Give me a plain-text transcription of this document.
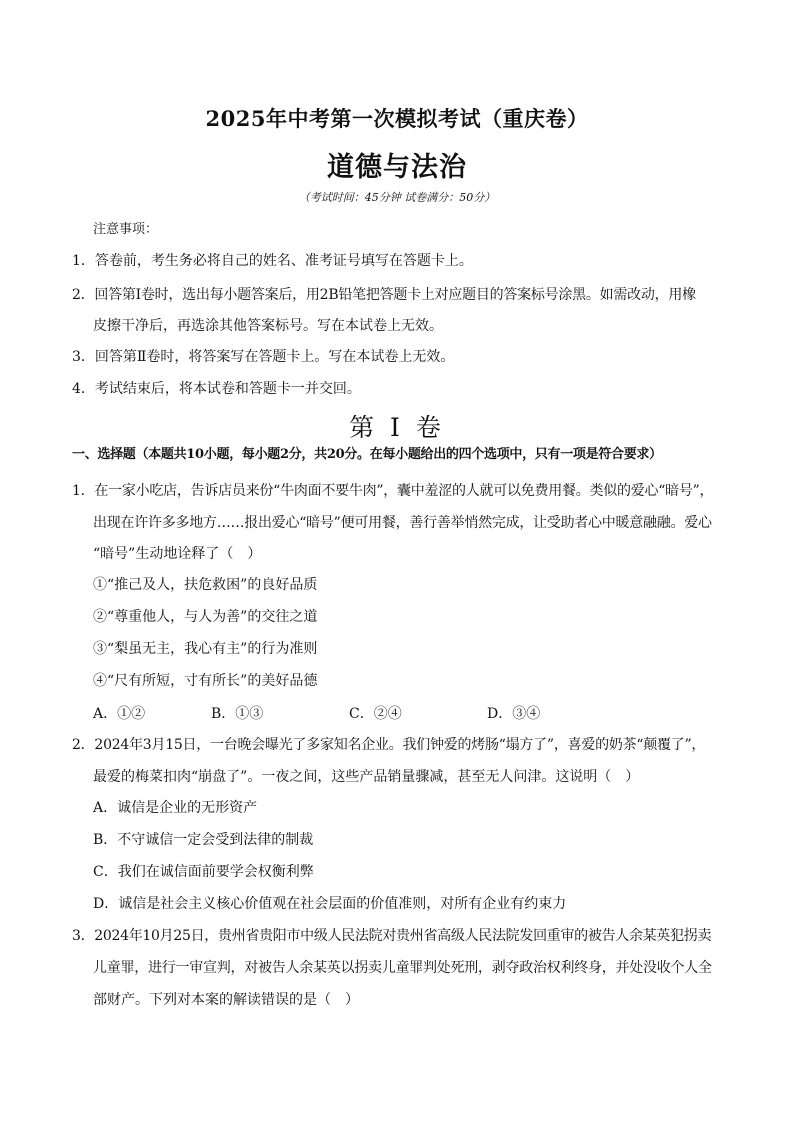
2025年中考第一次模拟考试（重庆卷）
道德与法治
（考试时间：45分钟 试卷满分：50分）
注意事项：
1．答卷前，考生务必将自己的姓名、准考证号填写在答题卡上。
2．回答第Ⅰ卷时，选出每小题答案后，用2B铅笔把答题卡上对应题目的答案标号涂黑。如需改动，用橡
皮擦干净后，再选涂其他答案标号。写在本试卷上无效。
3．回答第Ⅱ卷时，将答案写在答题卡上。写在本试卷上无效。
4．考试结束后，将本试卷和答题卡一并交回。
第 I 卷
一、选择题（本题共10小题，每小题2分，共20分。在每小题给出的四个选项中，只有一项是符合要求）
1．在一家小吃店，告诉店员来份“牛肉面不要牛肉”，囊中羞涩的人就可以免费用餐。类似的爱心“暗号”，
出现在许许多多地方……报出爱心“暗号”便可用餐，善行善举悄然完成，让受助者心中暖意融融。爱心
“暗号”生动地诠释了（　）
①“推己及人，扶危救困”的良好品质
②“尊重他人，与人为善”的交往之道
③“梨虽无主，我心有主”的行为准则
④“尺有所短，寸有所长”的美好品德
A．①②	B．①③	C．②④	D．③④
2．2024年3月15日，一台晚会曝光了多家知名企业。我们钟爱的烤肠“塌方了”，喜爱的奶茶“颠覆了”，
最爱的梅菜扣肉“崩盘了”。一夜之间，这些产品销量骤减，甚至无人问津。这说明（　）
A．诚信是企业的无形资产
B．不守诚信一定会受到法律的制裁
C．我们在诚信面前要学会权衡利弊
D．诚信是社会主义核心价值观在社会层面的价值准则，对所有企业有约束力
3．2024年10月25日，贵州省贵阳市中级人民法院对贵州省高级人民法院发回重审的被告人余某英犯拐卖
儿童罪，进行一审宣判，对被告人余某英以拐卖儿童罪判处死刑，剥夺政治权利终身，并处没收个人全
部财产。下列对本案的解读错误的是（　）
